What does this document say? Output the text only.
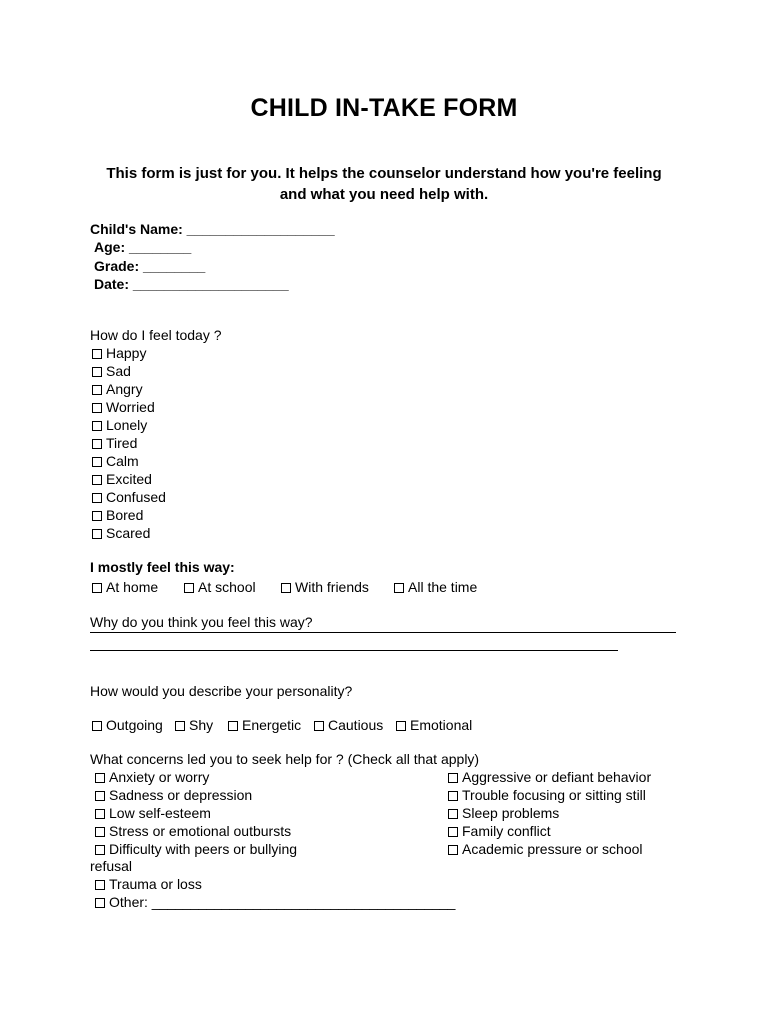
CHILD IN-TAKE FORM
This form is just for you. It helps the counselor understand how you're feeling
and what you need help with.
Child's Name: ___________________
Age: ________
Grade: ________
Date: ____________________
How do I feel today ?
Happy
Sad
Angry
Worried
Lonely
Tired
Calm
Excited
Confused
Bored
Scared
I mostly feel this way:
At home	At school	With friends	All the time
Why do you think you feel this way?
How would you describe your personality?
Outgoing	Shy	Energetic	Cautious	Emotional
What concerns led you to seek help for ? (Check all that apply)
Anxiety or worry
Sadness or depression
Low self-esteem
Stress or emotional outbursts
Difficulty with peers or bullying
Aggressive or defiant behavior
Trouble focusing or sitting still
Sleep problems
Family conflict
Academic pressure or school
refusal
Trauma or loss
Other: _______________________________________
